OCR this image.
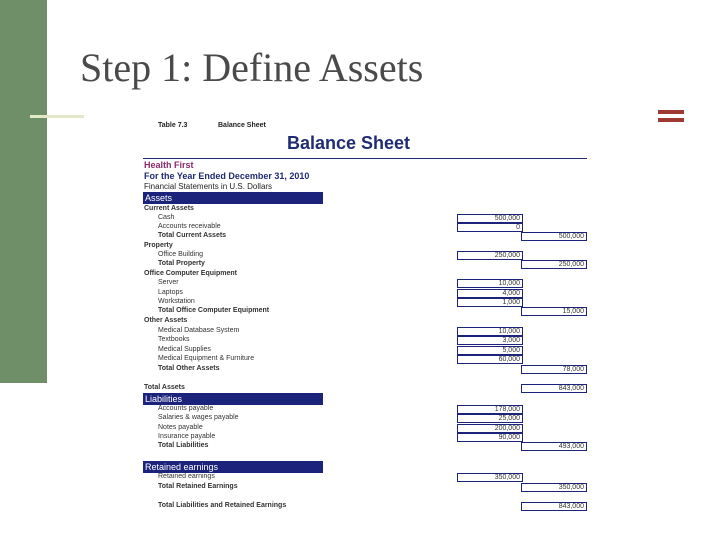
Step 1: Define Assets
Table 7.3	Balance Sheet
Balance Sheet
Health First
For the Year Ended December 31, 2010
Financial Statements in U.S. Dollars
Assets
Liabilities
Retained earnings
Current Assets
Cash	500,000
Accounts receivable	0
Total Current Assets	500,000
Property
Office Building	250,000
Total Property	250,000
Office Computer Equipment
Server	10,000
Laptops	4,000
Workstation	1,000
Total Office Computer Equipment	15,000
Other Assets
Medical Database System	10,000
Textbooks	3,000
Medical Supplies	5,000
Medical Equipment & Furniture	60,000
Total Other Assets	78,000
Total Assets	843,000
Accounts payable	178,000
Salaries & wages payable	25,000
Notes payable	200,000
Insurance payable	90,000
Total Liabilities	493,000
Retained earnings	350,000
Total Retained Earnings	350,000
Total Liabilities and Retained Earnings	843,000
